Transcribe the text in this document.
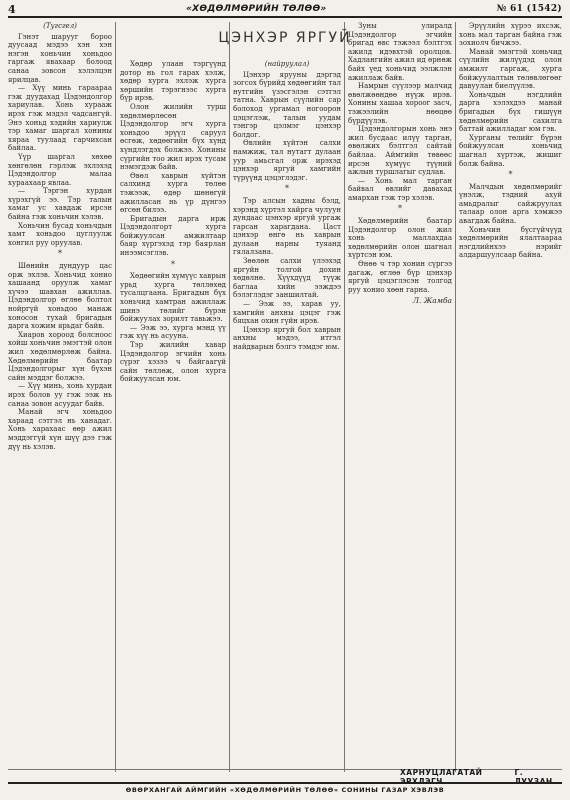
4	«ХӨДӨЛМӨРИЙН ТӨЛӨӨ»	№ 61 (1542)
ЦЭНХЭР ЯРГУЙ

(Тугсгел)

Гэнэт шарууг бороо дуусаад мэдээ хэн хэн нэгэн хоньчин хоньдоо гаргаж явахаар болоод санаа зовсон хэлэлцэн ярилцав.

— Хүү минь гараараа гэж дуудахад Цэдэндолгор хариулав. Хонь хурааж ирэх гэж мэдэл чадсангүй. Энэ хоньд хэдийн хариулж тэр хамаг шаргал хонины хяраа туулаад гарчихсан байлаа.

Үүр шаргал хөхөө хөнгөлөн гэрлэж эхлэхэд Цэдэндолгор малаа хураахаар явлаа.

— Тэргэн хурдан хүрэхгүй ээ. Тэр талын хамаг ус хавдаж ирсэн байна гэж хоньчин хэлэв.

Хоньчин бусад хоньчдын хамт хоньдоо цуглуулж хонгил руу оруулав.

*

Шөнийн дундуур цас орж эхлэв. Хоньчид хонио хашаанд оруулж хамаг хүчээ шавхан ажиллав. Цэдэндолгор өглөө болтол нойргүй хоньдоо манаж хоносон тухай бригадын дарга хожим ярьдаг байв.

Хиаров хороод болсноос хойш хоньчин эмэгтэй олон жил хөдөлмөрлөж байна. Хөдөлмөрийн баатар Цэдэндолгорыг хүн бүхэн сайн мэддэг болжээ.

— Хүү минь, хонь хурдан ирэх болов уу гэж ээж нь санаа зовон асуудаг байв.

Манай эгч хоньдоо хараад сэтгэл нь ханадаг. Хонь харахаас өөр ажил мэддэггүй хүн шүү дээ гэж дүү нь хэлэв.

Хөдөр улаан тэргүүнд дотор нь гол гарах хэлж, хөдөр хурга эхлэж хурга хөршийн тэрэгнээс хурга бүр ирэв.

Олон жилийн турш хөдөлмөрлөсөн Цэдэндолгор эгч хурга хоньдоо эрүүл саруул өсгөж, хөдөөгийн бүх хүнд хүндлэгдэх болжээ. Хонины сүргийн тоо жил ирэх тусам нэмэгдэж байв.

Өвөл хаврын хүйтэн салхинд хурга төлөө тэжээж, өдөр шөнөгүй ажилласан нь үр дүнгээ өгсөн билээ.

Бригадын дарга ирж Цэдэндолгорт хурга бойжуулсан амжилтаар баяр хүргэхэд тэр баярлан инээмсэглэв.

*

Хөдөөгийн хүмүүс хаврын урьд хурга төллөхөд тусалцгаана. Бригадын бүх хоньчид хамтран ажиллаж шинэ төлийг бүрэн бойжуулах зорилт тавьжээ.

— Ээж ээ, хурга мэнд үү гэж хүү нь асууна.

Тэр жилийн хавар Цэдэндолгор эгчийн хонь сүрэг хэзээ ч байгаагүй сайн төллөж, олон хурга бойжуулсан юм.

(найруулал)

Цэнхэр ярууны дэргэд зогсох бүрийд хөдөөгийн тал нутгийн үзэсгэлэн сэтгэл татна. Хаврын сүүлийн сар болоход ургамал ногоорон цэцэглэж, талын уудам тэнгэр цэлмэг цэнхэр болдог.

Өвлийн хүйтэн салхи намжиж, тал нутагт дулаан уур амьсгал орж ирэхэд цэнхэр яргуй хамгийн түрүүнд цэцэглэдэг.

*

Тэр алсын хадны бэлд, хэрэнд хүртэл хайрга чулуун дундаас цэнхэр яргуй ургаж гарсан харагдана. Цаст цэнхэр өнгө нь хаврын дулаан нарны туяанд гялалзана.

Зөөлөн салхи үлээхэд яргуйн толгой дохин хөдөлнө. Хүүхдүүд түүж баглаа хийн ээждээ бэлэглэдэг заншилтай.

— Ээж ээ, харав уу, хамгийн анхны цэцэг гэж бяцхан охин гүйн ирэв.

Цэнхэр яргуй бол хаврын анхны мэдээ, итгэл найдварын бэлгэ тэмдэг юм.

Зуны улиралд Цэдэндолгор эгчийн бригад өвс тэжээл бэлтгэх ажилд идэвхтэй оролцов. Хадлангийн ажил ид өрнөж байх үед хоньчид ээлжлэн ажиллаж байв.

Намрын сүүлээр малчид өвөлжөөндөө нүүж ирэв. Хонины хашаа хороог засч, тэжээлийн нөөцөө бүрдүүлэв.

Цэдэндолгорын хонь энэ жил бусдаас илүү тарган, өвөлжих бэлтгэл сайтай байлаа. Аймгийн төвөөс ирсэн хүмүүс түүний ажлын туршлагыг судлав.

— Хонь мал тарган байвал өвлийг давахад амархан гэж тэр хэлэв.

*

Хөдөлмөрийн баатар Цэдэндолгор олон жил хонь маллахдаа хөдөлмөрийн олон шагнал хүртсэн юм.

Өнөө ч тэр хонин сүргээ дагаж, өглөө бүр цэнхэр яргуй цэцэглэсэн толгод руу хонио хөөн гарна.

Л. Жамба

Эрүүлийн хүрээ ихсэж, хонь мал тарган байна гэж зохиолч бичжээ.

Манай эмэгтэй хоньчид сүүлийн жилүүдэд олон амжилт гаргаж, хурга бойжуулалтын төлөвлөгөөг давуулан биелүүлэв.

Хоньчдын нэгдлийн дарга хэлэхдээ манай бригадын бүх гишүүн хөдөлмөрийн сахилга баттай ажилладаг юм гэв.

Хурганы төлийг бүрэн бойжуулсан хоньчид шагнал хүртэж, жишиг болж байна.

*

Малчдын хөдөлмөрийг үнэлж, тэдний ахуй амьдралыг сайжруулах талаар олон арга хэмжээ авагдаж байна.

Хоньчин бүсгүйчүүд хөдөлмөрийн ялалтаараа нэгдлийнхээ нэрийг алдаршуулсаар байна.

ХАРНУЦЛАГАТАЙ ЭРХЛЭГЧ
Г. ЛУУЗАН.
ӨВӨРХАНГАЙ АЙМГИЙН «ХӨДӨЛМӨРИЙН ТӨЛӨӨ» СОНИНЫ ГАЗАР ХЭВЛЭВ
